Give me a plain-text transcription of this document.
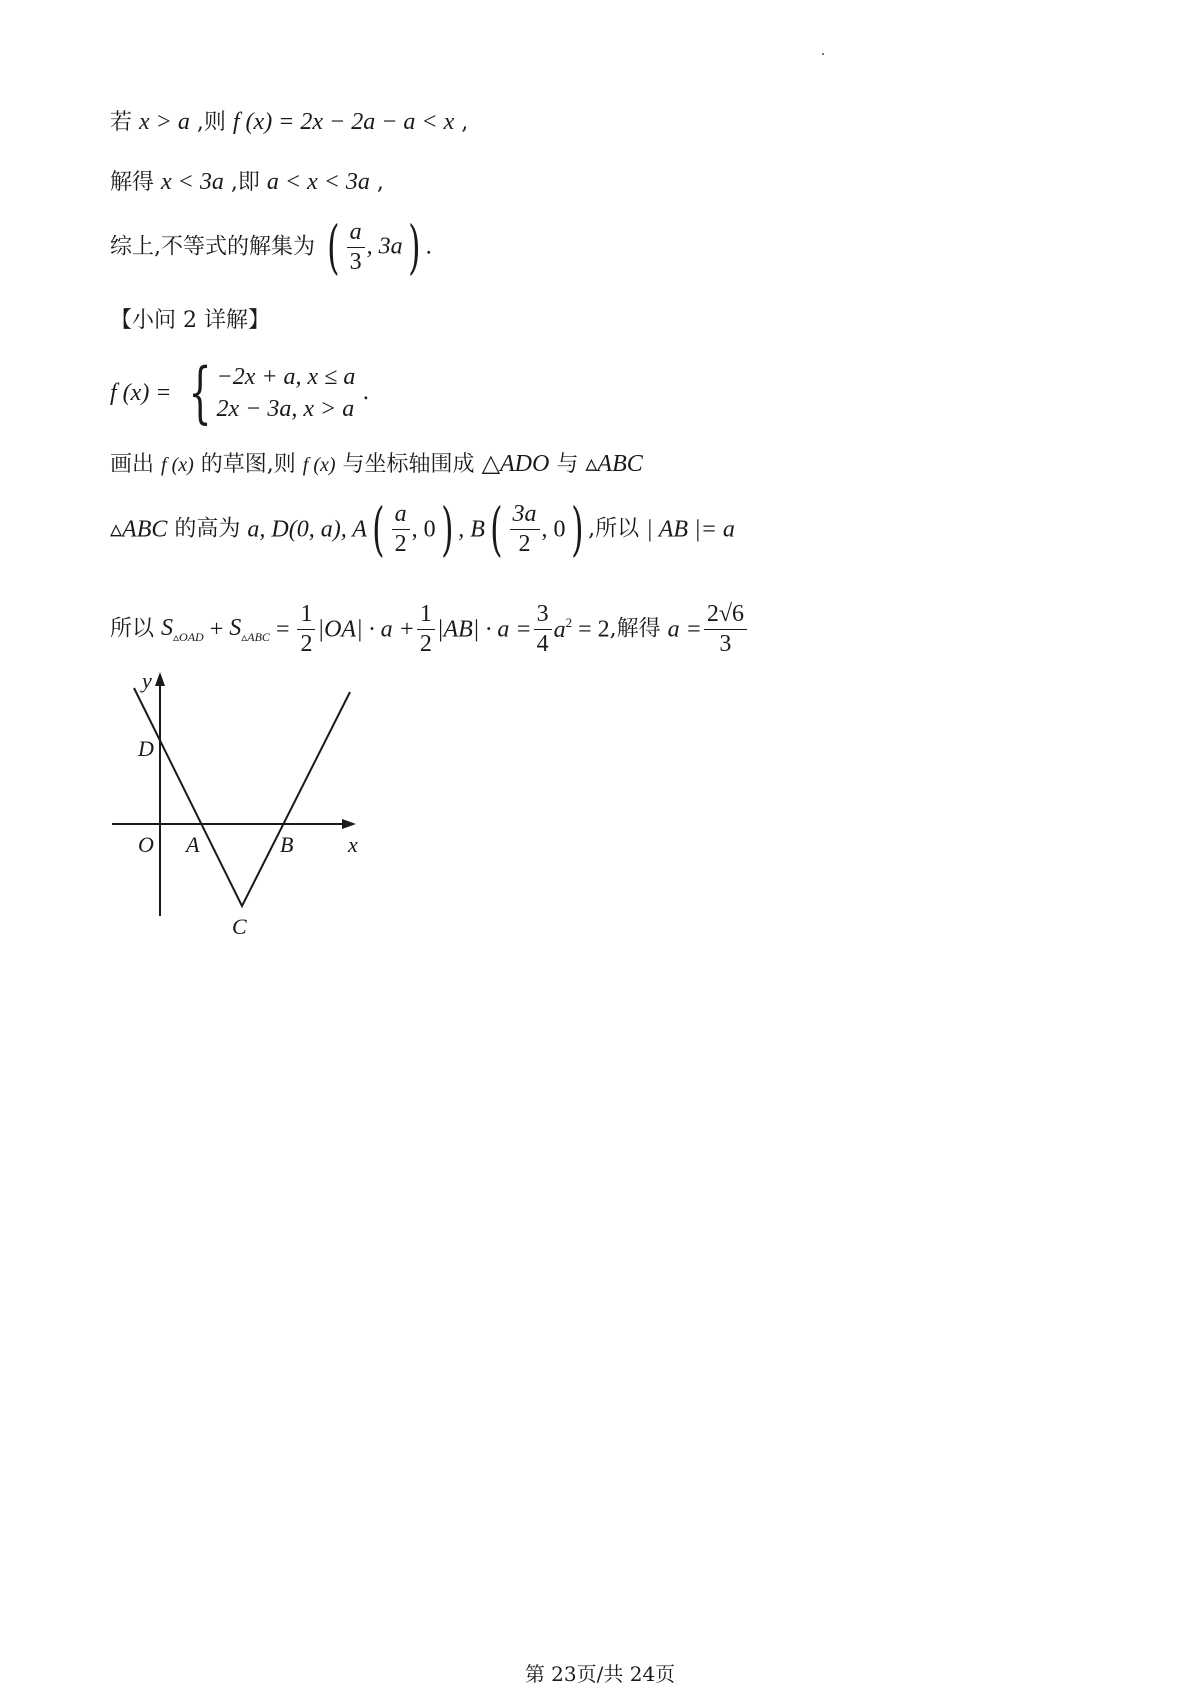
若 x > a ,则 f (x) = 2x − 2a − a < x ,
解得 x < 3a ,即 a < x < 3a ,
综上,不等式的解集为 ( $\frac{a}{3}$ , 3a) .
【小问 2 详解】
f (x) = { −2x + a, x ≤ a
2x − 3a, x > a
.
画出 f (x) 的草图,则 f (x) 与坐标轴围成 △ADO 与 ▵ABC
▵ABC 的高为 a, D(0, a), $A( \frac{a}{2}$ , 0) , $B( \frac{3a}{2}$ , 0) ,所以 | AB |= a
所以 $S_{▵OAD} + S_{▵ABC} = \frac{1}{2} |OA| \cdot a + \frac{1}{2} |AB| \cdot a = \frac{3}{4} a^2 = 2$,解得 $a = \frac{2√6}{3}$
y
x
D
O A	B
C
第 23页/共 24页
